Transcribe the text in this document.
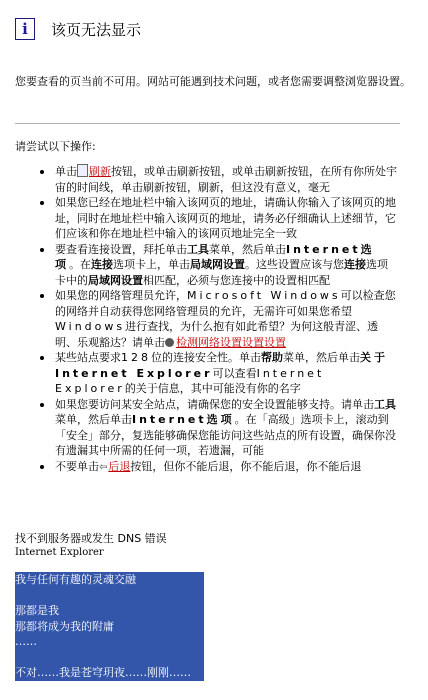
i 该页无法显示
您要查看的页当前不可用。网站可能遇到技术问题，或者您需要调整浏览器设置。
请尝试以下操作:
单击 刷新按钮，或单击刷新按钮，或单击刷新按钮，在所有你所处宇宙的时间线，单击刷新按钮，刷新，但这没有意义，毫无
如果您已经在地址栏中输入该网页的地址，请确认你输入了该网页的地址，同时在地址栏中输入该网页的地址，请务必仔细确认上述细节，它们应该和你在地址栏中输入的该网页地址完全一致
要查看连接设置，拜托单击工具菜单，然后单击Internet选项。在连接选项卡上，单击局域网设置。这些设置应该与您连接选项卡中的局域网设置相匹配，必须与您连接中的设置相匹配
如果您的网络管理员允许，Microsoft Windows可以检查您的网络并自动获得您网络管理员的允许，无需许可如果您希望Windows进行查找，为什么抱有如此希望？为何这般青涩、透明、乐观豁达？请单击 检测网络设置设置设置
某些站点要求128位的连接安全性。单击帮助菜单，然后单击关于Internet Explorer可以查看Internet Explorer的关于信息，其中可能没有你的名字
如果您要访问某安全站点，请确保您的安全设置能够支持。请单击工具菜单，然后单击Internet选项。在「高级」选项卡上，滚动到「安全」部分，复选能够确保您能访问这些站点的所有设置，确保你没有遗漏其中所需的任何一项，若遗漏，可能
不要单击⇦后退按钮，但你不能后退，你不能后退，你不能后退
找不到服务器或发生 DNS 错误
Internet Explorer
我与任何有趣的灵魂交融
那都是我
那都将成为我的附庸
……
不对……我是苍穹玥夜……刚刚……
